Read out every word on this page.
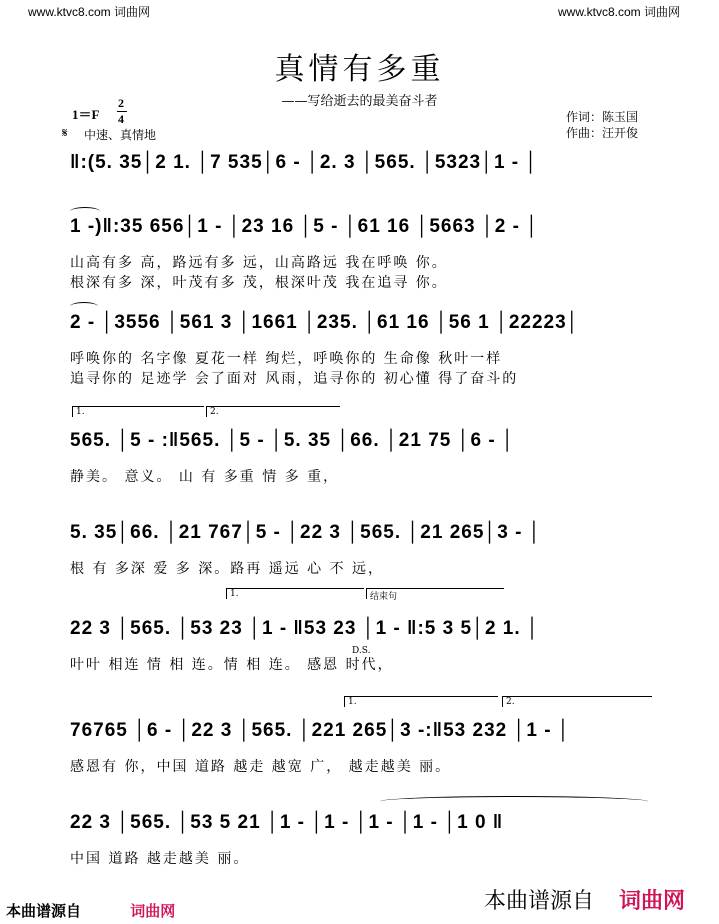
www.ktvc8.com 词曲网	www.ktvc8.com 词曲网
真情有多重
——写给逝去的最美奋斗者
作词：陈玉国
作曲：汪开俊
1＝F
2
4
𝄋 中速、真情地
‖:(5. 35│2 1. │7 535│6 - │2. 3 │565. │5323│1 - │
1 -)‖:35 656│1 - │23 16 │5 - │61 16 │5663 │2 - │
山高有多 高，路远有多 远，山高路远 我在呼唤 你。
根深有多 深，叶茂有多 茂，根深叶茂 我在追寻 你。
2 - │3556 │561 3 │1661 │235. │61 16 │56 1 │22223│
呼唤你的 名字像 夏花一样 绚烂，呼唤你的 生命像 秋叶一样
追寻你的 足迹学 会了面对 风雨，追寻你的 初心懂 得了奋斗的
1.	2.
565. │5 - :‖565. │5 - │5. 35 │66. │21 75 │6 - │
静美。 意义。 山 有 多重 情 多 重，
5. 35│66. │21 767│5 - │22 3 │565. │21 265│3 - │
根 有 多深 爱 多 深。路再 遥远 心 不 远，
1.	结束句
22 3 │565. │53 23 │1 - ‖53 23 │1 - ‖:5 3 5│2 1. │
D.S.
叶叶 相连 情 相 连。情 相 连。 感恩 时代，
1.	2.
76765 │6 - │22 3 │565. │221 265│3 -:‖53 232 │1 - │
感恩有 你，中国 道路 越走 越宽 广， 越走越美 丽。
22 3 │565. │53 5 21 │1 - │1 - │1 - │1 - │1 0 ‖
中国 道路 越走越美 丽。
本曲谱源自	词曲网	本曲谱源自 词曲网
